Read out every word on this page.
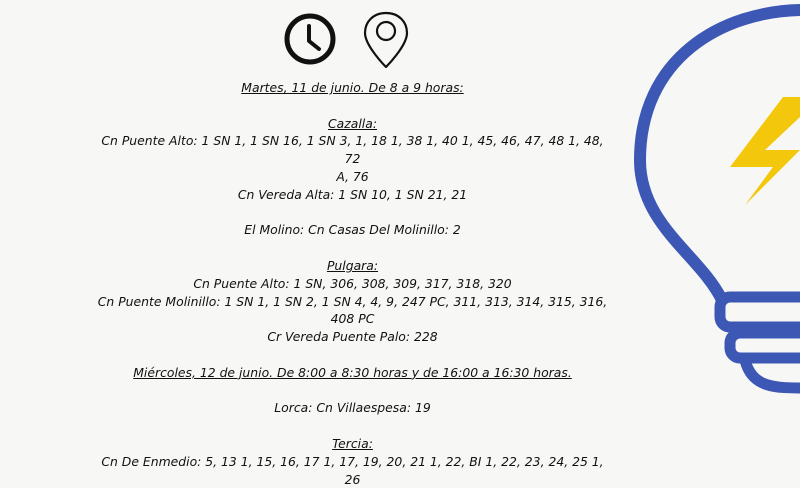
Martes, 11 de junio. De 8 a 9 horas:

Cazalla:

Cn Puente Alto: 1 SN 1, 1 SN 16, 1 SN 3, 1, 18 1, 38 1, 40 1, 45, 46, 47, 48 1, 48, 72

A, 76

Cn Vereda Alta: 1 SN 10, 1 SN 21, 21

El Molino: Cn Casas Del Molinillo: 2

Pulgara:

Cn Puente Alto: 1 SN, 306, 308, 309, 317, 318, 320

Cn Puente Molinillo: 1 SN 1, 1 SN 2, 1 SN 4, 4, 9, 247 PC, 311, 313, 314, 315, 316,

408 PC

Cr Vereda Puente Palo: 228

Miércoles, 12 de junio. De 8:00 a 8:30 horas y de 16:00 a 16:30 horas.

Lorca: Cn Villaespesa: 19

Tercia:

Cn De Enmedio: 5, 13 1, 15, 16, 17 1, 17, 19, 20, 21 1, 22, BI 1, 22, 23, 24, 25 1, 26
